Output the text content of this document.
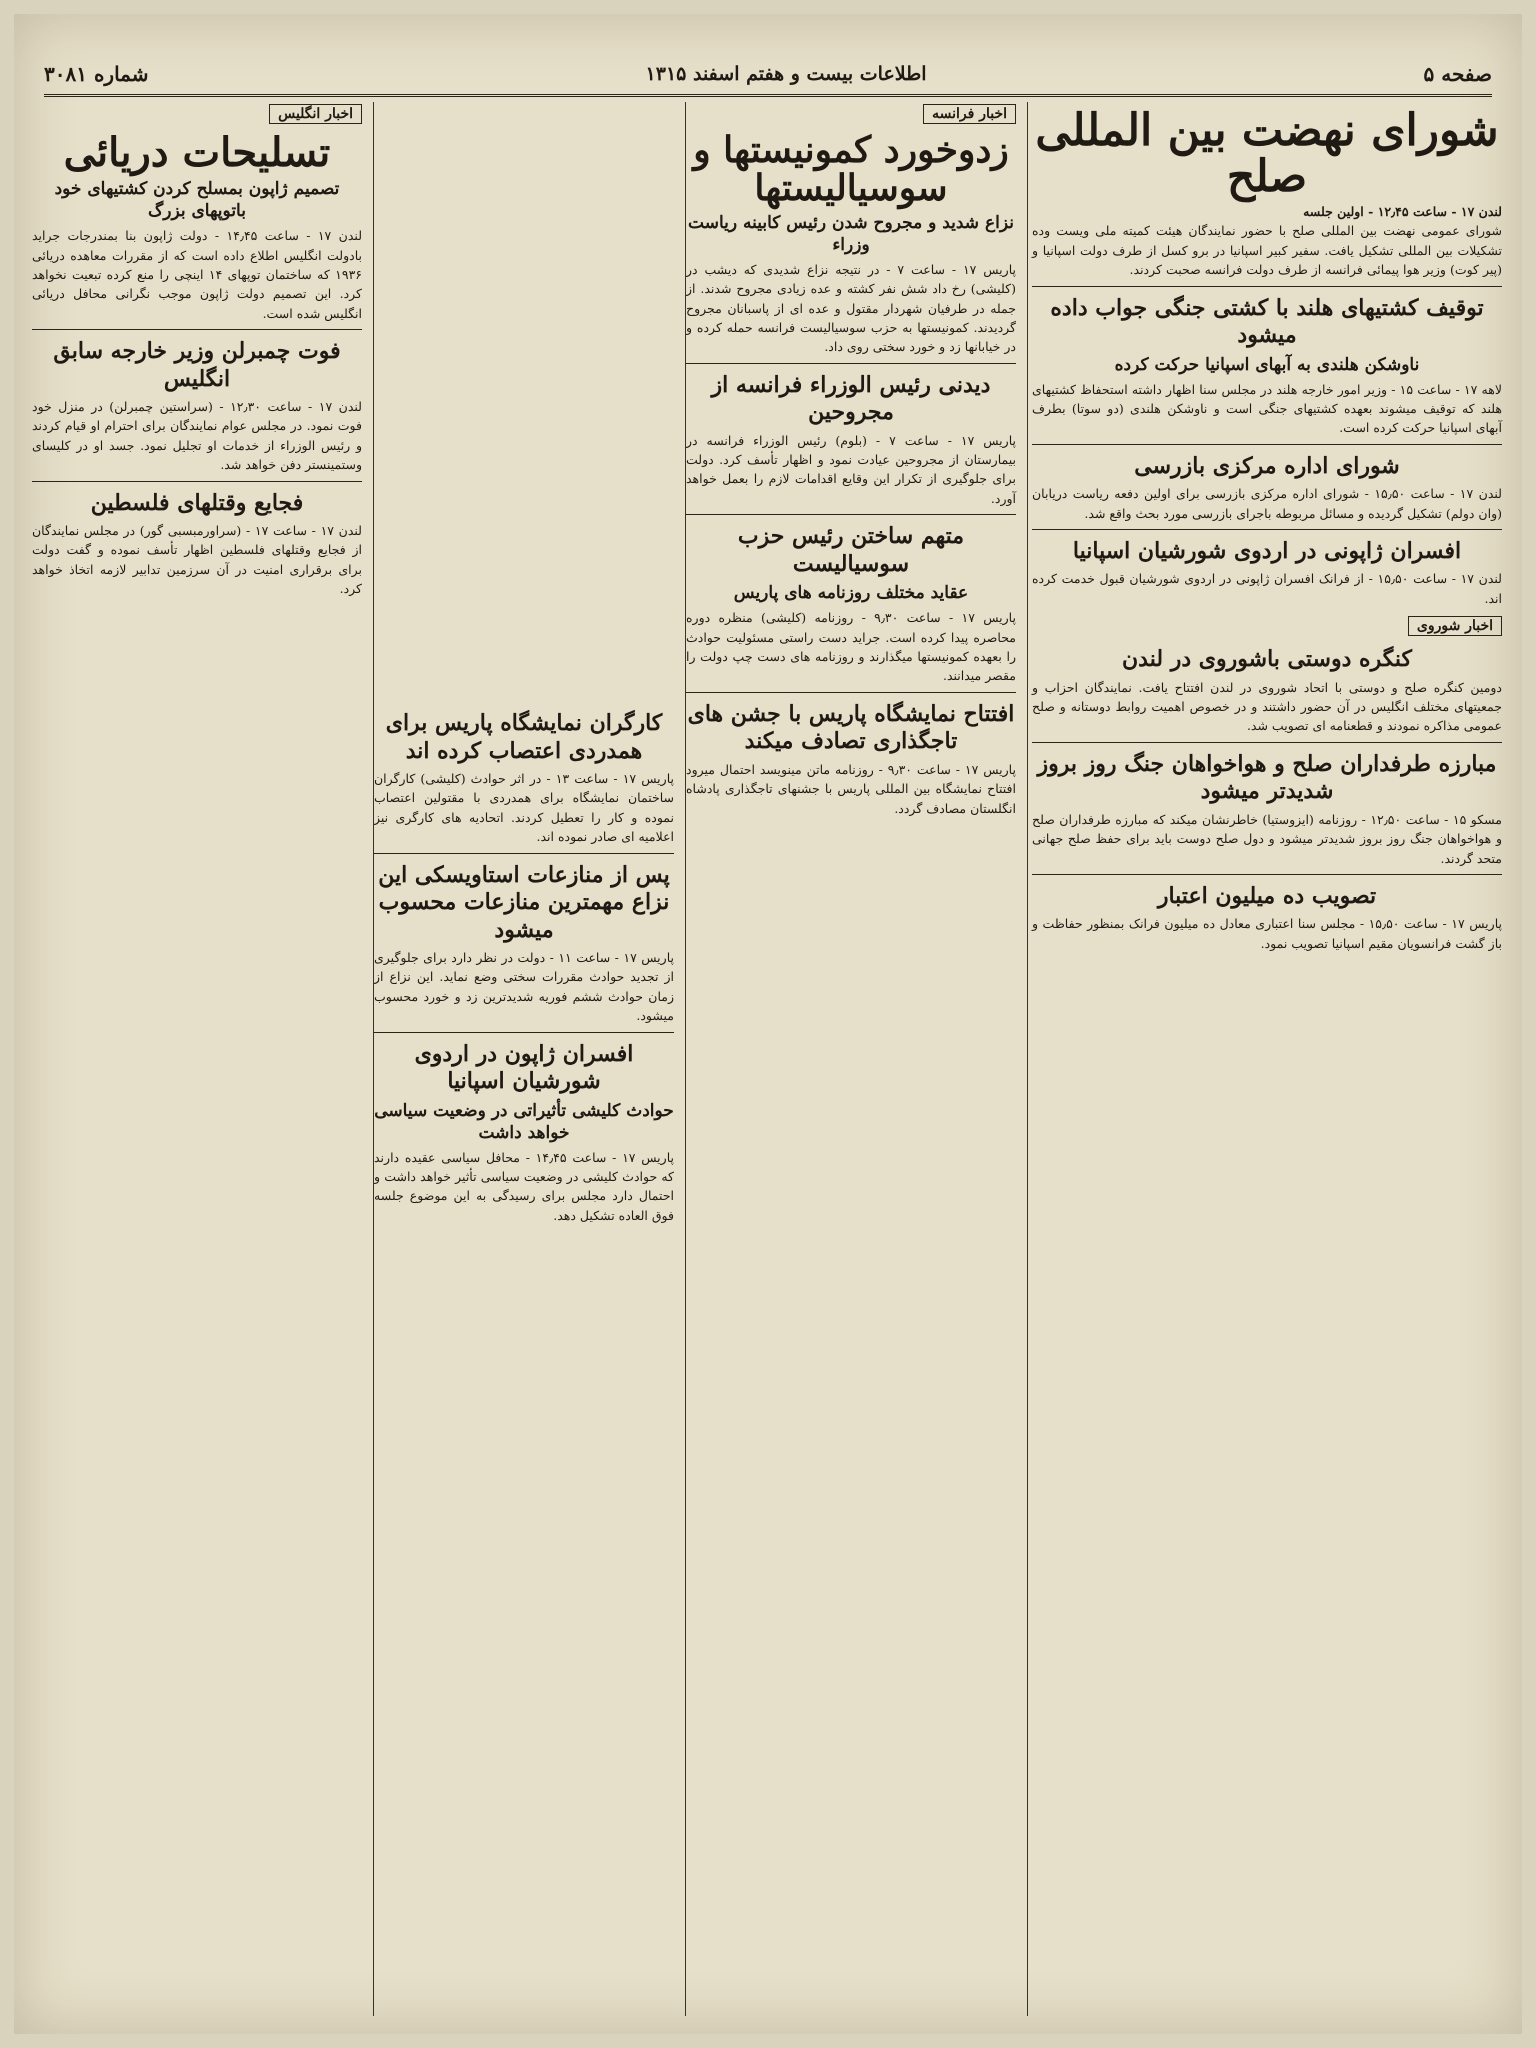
صفحه ۵
اطلاعات بیست و هفتم اسفند ۱۳۱۵
شماره ۳۰۸۱
شورای نهضت بین المللی صلح
لندن ۱۷ - ساعت ۱۲٫۴۵ - اولین جلسه
شورای عمومی نهضت بین المللی صلح با حضور نمایندگان هیئت کمیته ملی ویست وده تشکیلات بین المللی تشکیل یافت. سفیر کبیر اسپانیا در برو کسل از طرف دولت اسپانیا و (پیر کوت) وزیر هوا پیمائی فرانسه از طرف دولت فرانسه صحبت کردند.
توقیف کشتیهای هلند با کشتی جنگی جواب داده میشود
ناوشکن هلندی به آبهای اسپانیا حرکت کرده
لاهه ۱۷ - ساعت ۱۵ - وزیر امور خارجه هلند در مجلس سنا اظهار داشته استحفاظ کشتیهای هلند که توقیف میشوند بعهده کشتیهای جنگی است و ناوشکن هلندی (دو سوتا) بطرف آبهای اسپانیا حرکت کرده است.
شورای اداره مرکزی بازرسی
لندن ۱۷ - ساعت ۱۵٫۵۰ - شورای اداره مرکزی بازرسی برای اولین دفعه ریاست دریابان (وان دولم) تشکیل گردیده و مسائل مربوطه باجرای بازرسی مورد بحث واقع شد.
افسران ژاپونی در اردوی شورشیان اسپانیا
لندن ۱۷ - ساعت ۱۵٫۵۰ - از فرانک افسران ژاپونی در اردوی شورشیان قبول خدمت کرده اند.
اخبار شوروی
کنگره دوستی باشوروی در لندن
دومین کنگره صلح و دوستی با اتحاد شوروی در لندن افتتاح یافت. نمایندگان احزاب و جمعیتهای مختلف انگلیس در آن حضور داشتند و در خصوص اهمیت روابط دوستانه و صلح عمومی مذاکره نمودند و قطعنامه ای تصویب شد.
مبارزه طرفداران صلح و هواخواهان جنگ روز بروز شدیدتر میشود
مسکو ۱۵ - ساعت ۱۲٫۵۰ - روزنامه (ایزوستیا) خاطرنشان میکند که مبارزه طرفداران صلح و هواخواهان جنگ روز بروز شدیدتر میشود و دول صلح دوست باید برای حفظ صلح جهانی متحد گردند.
تصویب ده میلیون اعتبار
پاریس ۱۷ - ساعت ۱۵٫۵۰ - مجلس سنا اعتباری معادل ده میلیون فرانک بمنظور حفاظت و باز گشت فرانسویان مقیم اسپانیا تصویب نمود.
اخبار فرانسه
زدوخورد کمونیستها و سوسیالیستها
نزاع شدید و مجروح شدن رئیس کابینه ریاست وزراء
پاریس ۱۷ - ساعت ۷ - در نتیجه نزاع شدیدی که دیشب در (کلیشی) رخ داد شش نفر کشته و عده زیادی مجروح شدند. از جمله در طرفیان شهردار مقتول و عده ای از پاسبانان مجروح گردیدند. کمونیستها به حزب سوسیالیست فرانسه حمله کرده و در خیابانها زد و خورد سختی روی داد.
دیدنی رئیس الوزراء فرانسه از مجروحین
پاریس ۱۷ - ساعت ۷ - (بلوم) رئیس الوزراء فرانسه در بیمارستان از مجروحین عیادت نمود و اظهار تأسف کرد. دولت برای جلوگیری از تکرار این وقایع اقدامات لازم را بعمل خواهد آورد.
متهم ساختن رئیس حزب سوسیالیست
عقاید مختلف روزنامه های پاریس
پاریس ۱۷ - ساعت ۹٫۳۰ - روزنامه (کلیشی) منظره دوره محاصره پیدا کرده است. جراید دست راستی مسئولیت حوادث را بعهده کمونیستها میگذارند و روزنامه های دست چپ دولت را مقصر میدانند.
افتتاح نمایشگاه پاریس با جشن های تاجگذاری تصادف میکند
پاریس ۱۷ - ساعت ۹٫۳۰ - روزنامه ماتن مینویسد احتمال میرود افتتاح نمایشگاه بین المللی پاریس با جشنهای تاجگذاری پادشاه انگلستان مصادف گردد.
کارگران نمایشگاه پاریس برای همدردی اعتصاب کرده اند
پاریس ۱۷ - ساعت ۱۳ - در اثر حوادث (کلیشی) کارگران ساختمان نمایشگاه برای همدردی با مقتولین اعتصاب نموده و کار را تعطیل کردند. اتحادیه های کارگری نیز اعلامیه ای صادر نموده اند.
پس از منازعات استاویسکی این نزاع مهمترین منازعات محسوب میشود
پاریس ۱۷ - ساعت ۱۱ - دولت در نظر دارد برای جلوگیری از تجدید حوادث مقررات سختی وضع نماید. این نزاع از زمان حوادث ششم فوریه شدیدترین زد و خورد محسوب میشود.
افسران ژاپون در اردوی شورشیان اسپانیا
حوادث کلیشی تأثیراتی در وضعیت سیاسی خواهد داشت
پاریس ۱۷ - ساعت ۱۴٫۴۵ - محافل سیاسی عقیده دارند که حوادث کلیشی در وضعیت سیاسی تأثیر خواهد داشت و احتمال دارد مجلس برای رسیدگی به این موضوع جلسه فوق العاده تشکیل دهد.
اخبار انگلیس
تسلیحات دریائی
تصمیم ژاپون بمسلح کردن کشتیهای خود باتوپهای بزرگ
لندن ۱۷ - ساعت ۱۴٫۴۵ - دولت ژاپون بنا بمندرجات جراید بادولت انگلیس اطلاع داده است که از مقررات معاهده دریائی ۱۹۳۶ که ساختمان توپهای ۱۴ اینچی را منع کرده تبعیت نخواهد کرد. این تصمیم دولت ژاپون موجب نگرانی محافل دریائی انگلیس شده است.
فوت چمبرلن وزیر خارجه سابق انگلیس
لندن ۱۷ - ساعت ۱۲٫۳۰ - (سراستین چمبرلن) در منزل خود فوت نمود. در مجلس عوام نمایندگان برای احترام او قیام کردند و رئیس الوزراء از خدمات او تجلیل نمود. جسد او در کلیسای وستمینستر دفن خواهد شد.
فجایع وقتلهای فلسطین
لندن ۱۷ - ساعت ۱۷ - (سراورمبسبی گور) در مجلس نمایندگان از فجایع وقتلهای فلسطین اظهار تأسف نموده و گفت دولت برای برقراری امنیت در آن سرزمین تدابیر لازمه اتخاذ خواهد کرد.
